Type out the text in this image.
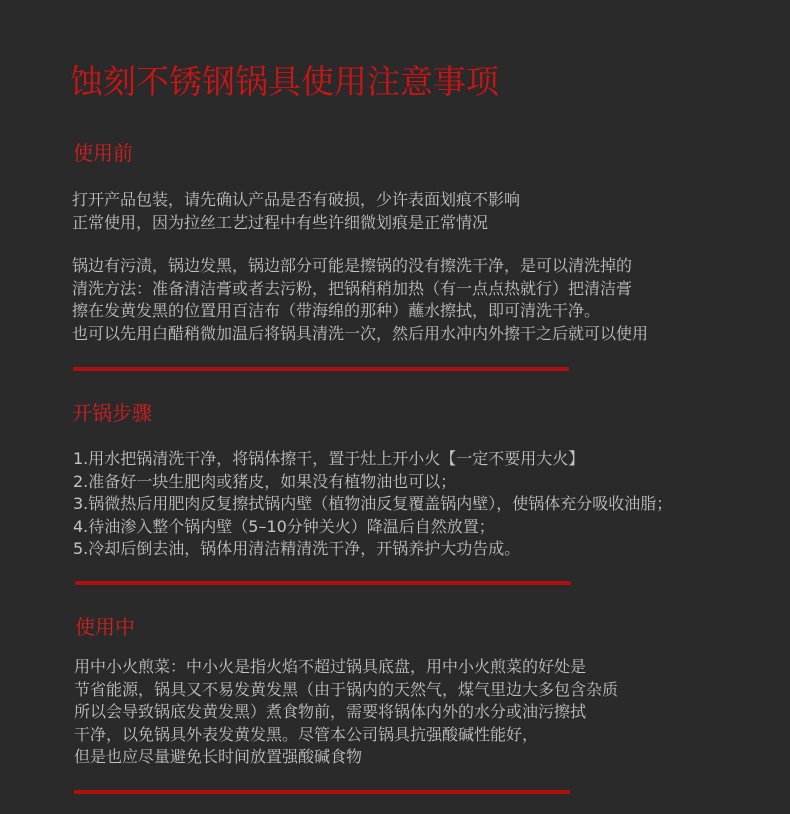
蚀刻不锈钢锅具使用注意事项
使用前
打开产品包装，请先确认产品是否有破损，少许表面划痕不影响
正常使用，因为拉丝工艺过程中有些许细微划痕是正常情况
锅边有污渍，锅边发黑，锅边部分可能是擦锅的没有擦洗干净，是可以清洗掉的
清洗方法：准备清洁膏或者去污粉，把锅稍稍加热（有一点点热就行）把清洁膏
擦在发黄发黑的位置用百洁布（带海绵的那种）蘸水擦拭，即可清洗干净。
也可以先用白醋稍微加温后将锅具清洗一次，然后用水冲内外擦干之后就可以使用
开锅步骤
1.用水把锅清洗干净，将锅体擦干，置于灶上开小火【一定不要用大火】
2.准备好一块生肥肉或猪皮，如果没有植物油也可以；
3.锅微热后用肥肉反复擦拭锅内壁（植物油反复覆盖锅内壁），使锅体充分吸收油脂；
4.待油渗入整个锅内壁（5–10分钟关火）降温后自然放置；
5.冷却后倒去油，锅体用清洁精清洗干净，开锅养护大功告成。
使用中
用中小火煎菜：中小火是指火焰不超过锅具底盘，用中小火煎菜的好处是
节省能源，锅具又不易发黄发黑（由于锅内的天然气，煤气里边大多包含杂质
所以会导致锅底发黄发黑）煮食物前，需要将锅体内外的水分或油污擦拭
干净，以免锅具外表发黄发黑。尽管本公司锅具抗强酸碱性能好，
但是也应尽量避免长时间放置强酸碱食物
